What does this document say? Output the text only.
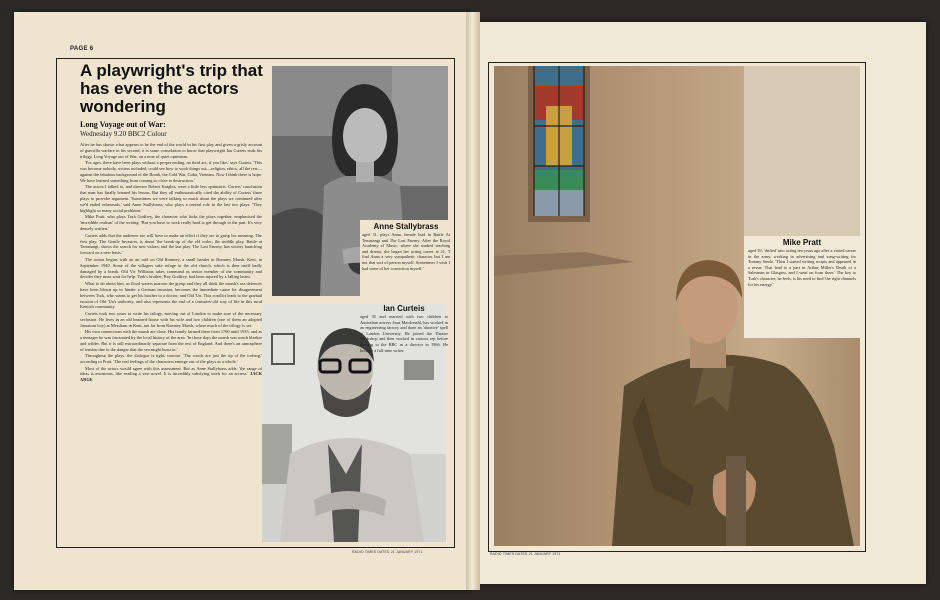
PAGE 6
A playwright's trip that has even the actors wondering
Long Voyage out of War:
Wednesday 9.20 BBC2 Colour

After he has shown what appears to be the end of the world in his first play and given a grisly account of guerrilla warfare in his second, it is some consolation to know that playwright Ian Curteis ends his trilogy, Long Voyage out of War, on a note of quiet optimism.

'For ages, there have been plays without a proper ending, no third act, if you like,' says Curteis. 'This was become nobody, writers included, could see how to work things out—religion, ethics, all the rest—against the fabulous background of the Bomb, the Cold War, Cuba, Vietnam. Now I think there is hope. We have learned something from coming so close to destruction.'

The actors I talked to, and director Robert Knights, were a little less optimistic. Curteis' conclusion that man has finally learned his lesson. But they all enthusiastically cited the ability of Curteis' three plays to provoke argument. 'Sometimes we were talking so much about the plays we continued after we'd ended rehearsals,' said Anne Stallybrass, who plays a central role in the last two plays. 'They highlight so many social problems.'

Mike Pratt, who plays Turk Godfrey, the character who links the plays together, emphasised the 'incredible realism' of the writing. 'But you have to work really hard to get through to the part. It's very densely written.'

Curteis adds that the audience too will have to make an effort if they are to grasp his meaning. The first play, The Gentle Invasion, is about 'the break-up of the old order; the middle play, Battle at Tematangi, shows the search for new values; and the last play, The Last Enemy, has society launching forward on a new basis.'

The action begins with an air raid on Old Romney, a small hamlet in Romney Marsh, Kent, in September 1940. Some of the villagers take refuge in the old church, which is then itself badly damaged by a bomb. Old Vic Williams takes command as senior member of the community and decides they must wait for help. Turk's brother, Roy Godfrey, had been injured by a falling beam.

What to do about him, as flood waters maroon the group and they all think the marsh's sea defences have been blown up to hinder a German invasion, becomes the immediate cause for disagreement between Turk, who wants to get his brother to a doctor, and Old 'Un. This conflict leads to the gradual erosion of Old 'Un's authority, and also represents the end of a centuries-old way of life in this rural Kentish community.

Curteis took two years to write his trilogy, moving out of London to make sure of the necessary seclusion. He lives in an old beamed house with his wife and two children (one of them an adopted Jamaican boy) at Mersham in Kent, not far from Romney Marsh, where much of the trilogy is set.

His own connections with the marsh are close. His family farmed there from 1760 until 1935, and as a teenager he was fascinated by the local history of the area. 'In those days the marsh was much bleaker and wilder. But it is still extraordinarily separate from the rest of England. And there's an atmosphere of tension due to the danger that the sea might burst in.'

Throughout the plays, the dialogue is tight, concise. 'The words are just the tip of the iceberg,' according to Pratt. 'The real feelings of the characters emerge out of the plays as a whole.'

Most of the actors would agree with this assessment. But as Anne Stallybrass adds, 'the range of ideas is enormous, like reading a vast novel. It is incredibly satisfying work for an actress.' JACK ANGE

Anne Stallybrass
aged 31, plays Anna, female lead in Battle At Tematangi and The Last Enemy. After the Royal Academy of Music, where she studied teaching and drama, she began her acting career at 21. 'I find Anna a very sympathetic character but I am not that sort of person myself. Sometimes I wish I had some of her conviction myself.'
Ian Curteis
aged 35 and married with two children to Australian actress Joan Macdonald, has worked in an engineering factory and done an 'abortive' spell at London University. He joined the Theatre Workshop and then worked in various rep before moving to the BBC as a director in 1966. He became a full-time writer.
RADIO TIMES DATED 21 JANUARY 1971
Mike Pratt
aged 39, 'drifted' into acting ten years ago after a varied career in the army, working in advertising and song-writing for Tommy Steele. 'Then I started writing scripts and appeared in a revue. That lead to a part in Arthur Miller's Death of a Salesman in Glasgow, and I went on from there.' The key to Turk's character, he feels, is his need to find 'the right channels for his energy.'
RADIO TIMES DATED 21 JANUARY 1971
